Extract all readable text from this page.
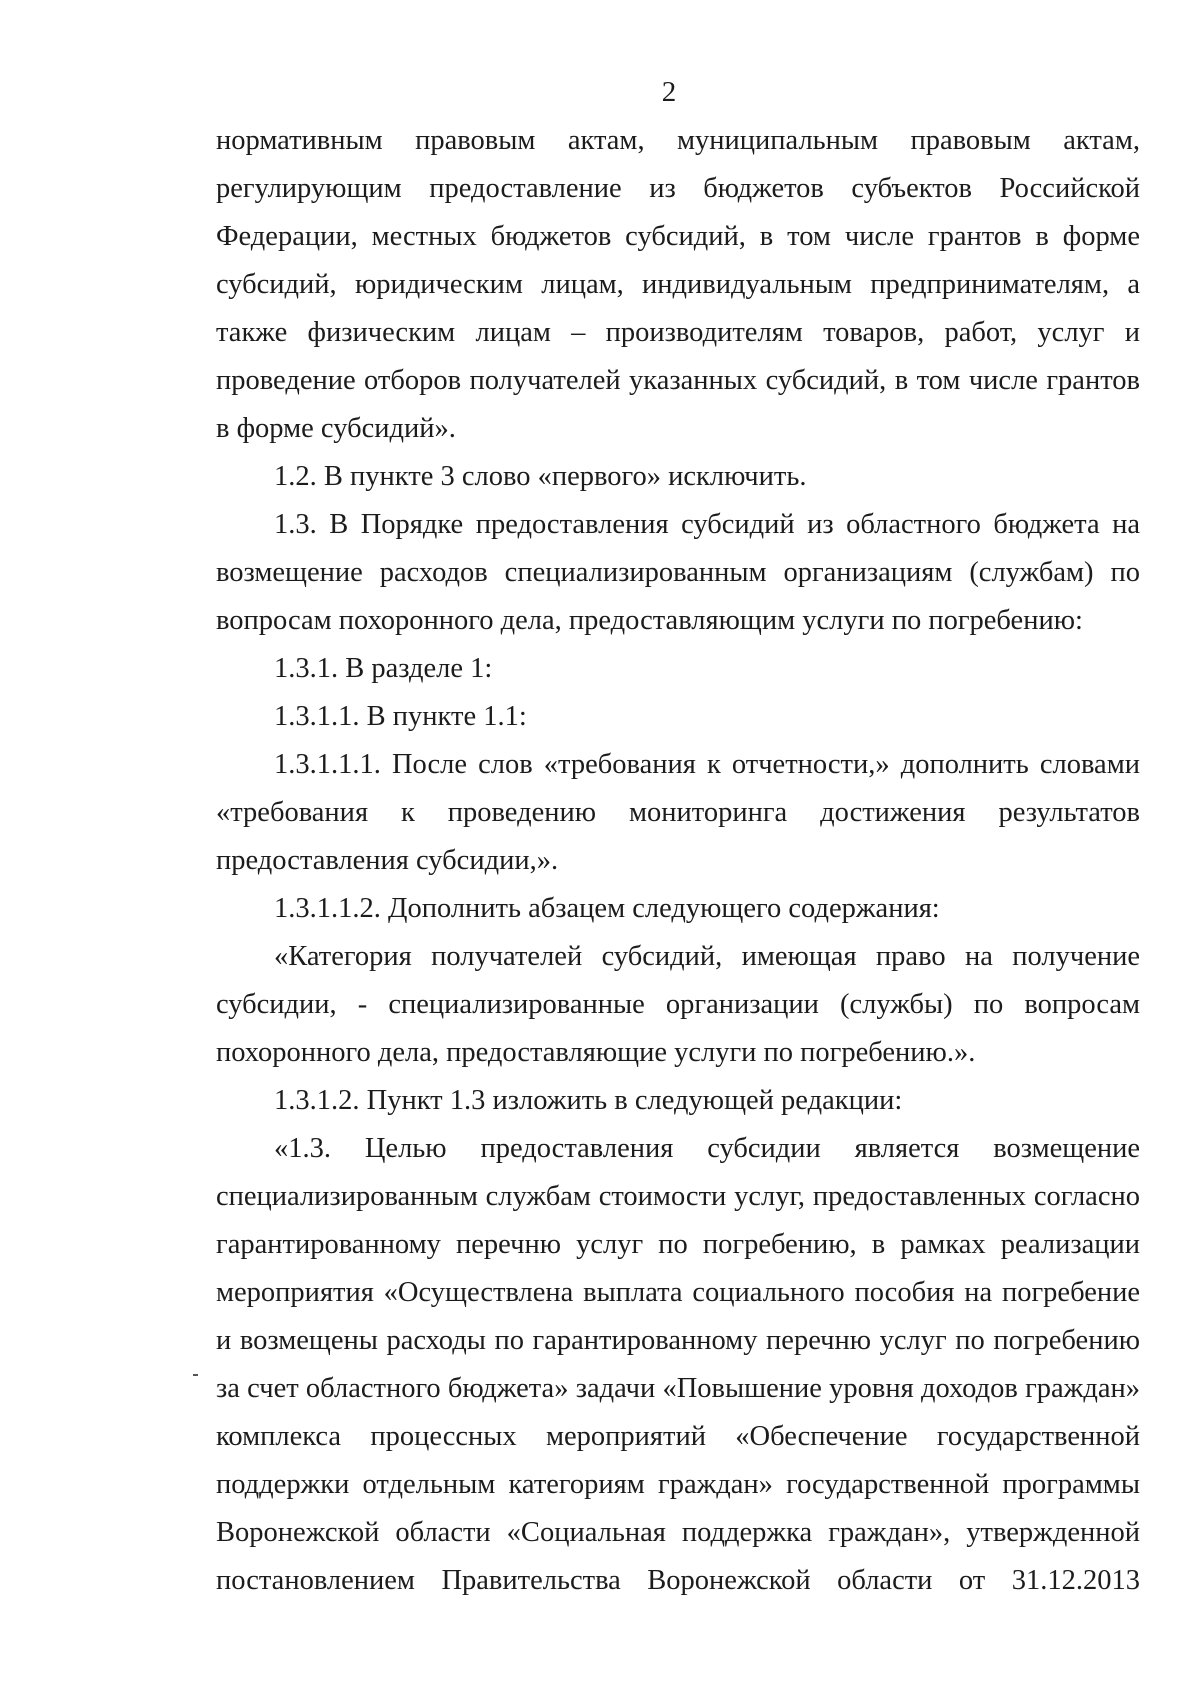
2

нормативным правовым актам, муниципальным правовым актам, регулирующим предоставление из бюджетов субъектов Российской Федерации, местных бюджетов субсидий, в том числе грантов в форме субсидий, юридическим лицам, индивидуальным предпринимателям, а также физическим лицам – производителям товаров, работ, услуг и проведение отборов получателей указанных субсидий, в том числе грантов в форме субсидий».

1.2. В пункте 3 слово «первого» исключить.

1.3. В Порядке предоставления субсидий из областного бюджета на возмещение расходов специализированным организациям (службам) по вопросам похоронного дела, предоставляющим услуги по погребению:

1.3.1. В разделе 1:

1.3.1.1. В пункте 1.1:

1.3.1.1.1. После слов «требования к отчетности,» дополнить словами «требования к проведению мониторинга достижения результатов предоставления субсидии,».

1.3.1.1.2. Дополнить абзацем следующего содержания:

«Категория получателей субсидий, имеющая право на получение субсидии, - специализированные организации (службы) по вопросам похоронного дела, предоставляющие услуги по погребению.».

1.3.1.2. Пункт 1.3 изложить в следующей редакции:

«1.3. Целью предоставления субсидии является возмещение специализированным службам стоимости услуг, предоставленных согласно гарантированному перечню услуг по погребению, в рамках реализации мероприятия «Осуществлена выплата социального пособия на погребение и возмещены расходы по гарантированному перечню услуг по погребению за счет областного бюджета» задачи «Повышение уровня доходов граждан» комплекса процессных мероприятий «Обеспечение государственной поддержки отдельным категориям граждан» государственной программы Воронежской области «Социальная поддержка граждан», утвержденной постановлением Правительства Воронежской области от 31.12.2013
